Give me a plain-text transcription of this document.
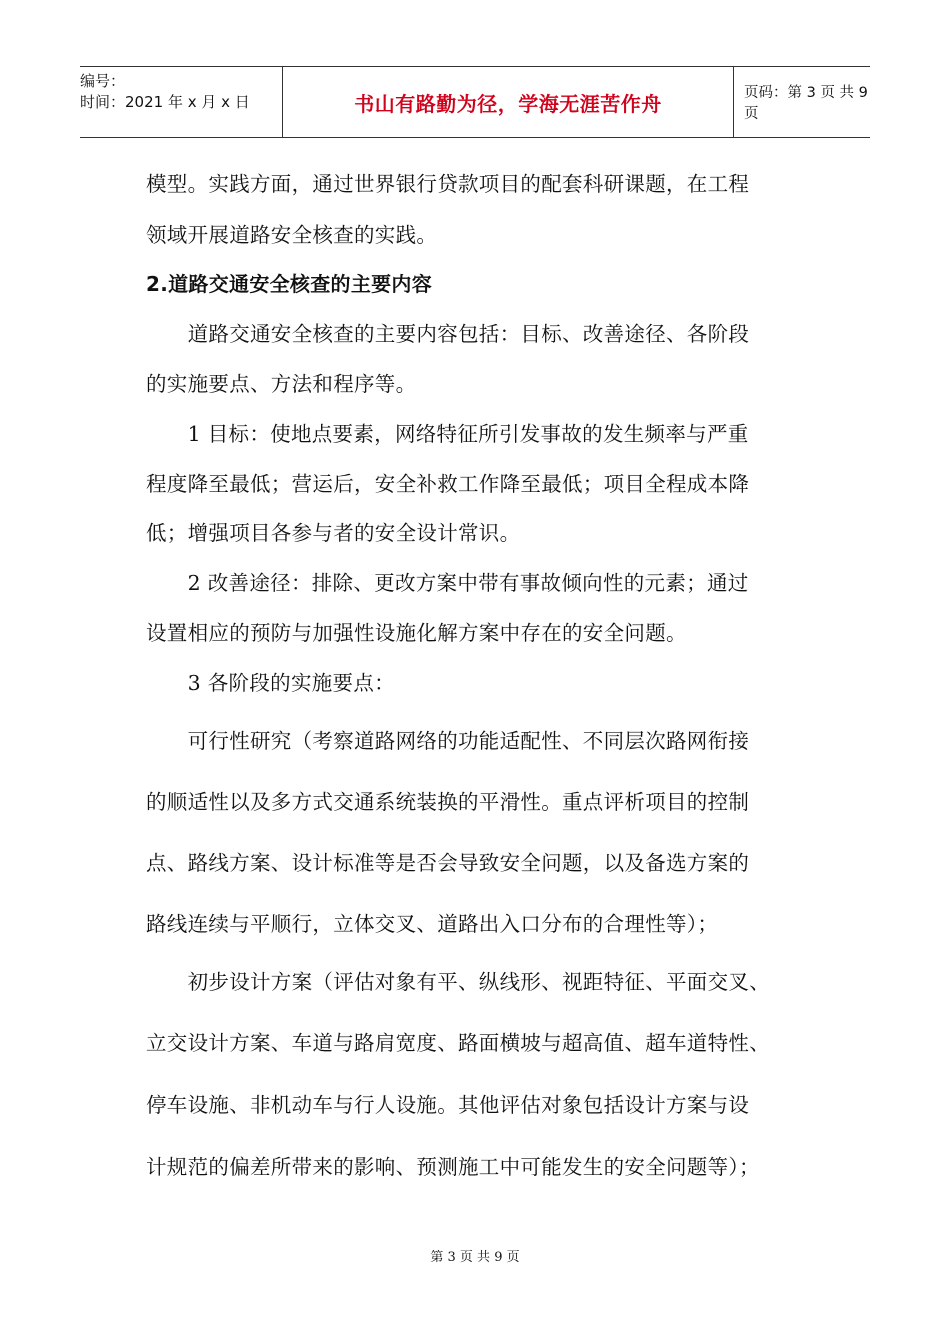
编号：
时间：2021 年 x 月 x 日	书山有路勤为径，学海无涯苦作舟	页码：第 3 页 共 9 页
模型。实践方面，通过世界银行贷款项目的配套科研课题，在工程
领域开展道路安全核查的实践。
2.道路交通安全核查的主要内容
　　道路交通安全核查的主要内容包括：目标、改善途径、各阶段
的实施要点、方法和程序等。
　　1 目标：使地点要素，网络特征所引发事故的发生频率与严重
程度降至最低；营运后，安全补救工作降至最低；项目全程成本降
低；增强项目各参与者的安全设计常识。
　　2 改善途径：排除、更改方案中带有事故倾向性的元素；通过
设置相应的预防与加强性设施化解方案中存在的安全问题。
　　3 各阶段的实施要点：
　　可行性研究（考察道路网络的功能适配性、不同层次路网衔接
的顺适性以及多方式交通系统装换的平滑性。重点评析项目的控制
点、路线方案、设计标准等是否会导致安全问题，以及备选方案的
路线连续与平顺行，立体交叉、道路出入口分布的合理性等）；
　　初步设计方案（评估对象有平、纵线形、视距特征、平面交叉、
立交设计方案、车道与路肩宽度、路面横坡与超高值、超车道特性、
停车设施、非机动车与行人设施。其他评估对象包括设计方案与设
计规范的偏差所带来的影响、预测施工中可能发生的安全问题等）；
第 3 页 共 9 页
